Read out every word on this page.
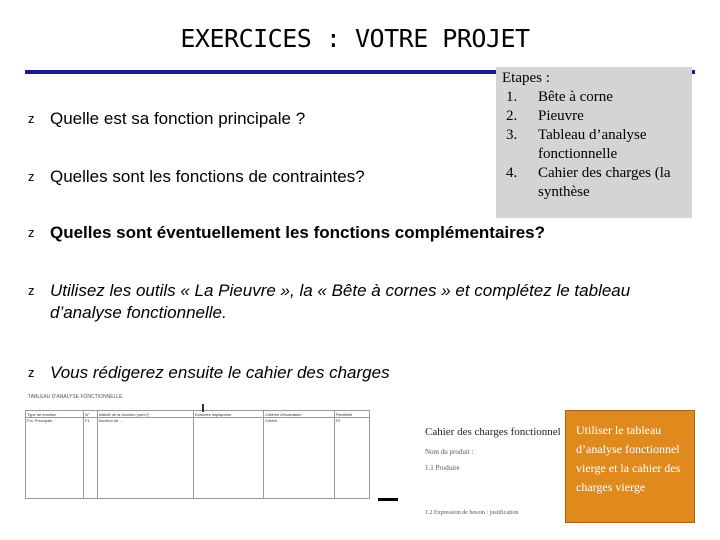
EXERCICES : VOTRE PROJET
z Quelle est sa fonction principale ?
z Quelles sont les fonctions de contraintes?
z Quelles sont éventuellement les fonctions complémentaires?
z Utilisez les outils « La Pieuvre », la « Bête à cornes » et complétez le tableau d’analyse fonctionnelle.
z Vous rédigerez ensuite le cahier des charges
Etapes :
1. Bête à corne
2. Pieuvre
3. Tableau d’analyse fonctionnelle
4. Cahier des charges (la synthèse
TABLEAU D'ANALYSE FONCTIONNELLE
Type de fonction	N°	Intitulé de la fonction (verb?)	Données impliquées	Critères d'évaluation	Flexibilité
Fct. Principale	F1	fonction de ...		Critère ...	F0
Cahier des charges fonctionnel
Nom du produit :
1.1 Produire
1.2 Expression de besoin / justification
Utiliser le tableau d’analyse fonctionnel vierge et la cahier des charges vierge
